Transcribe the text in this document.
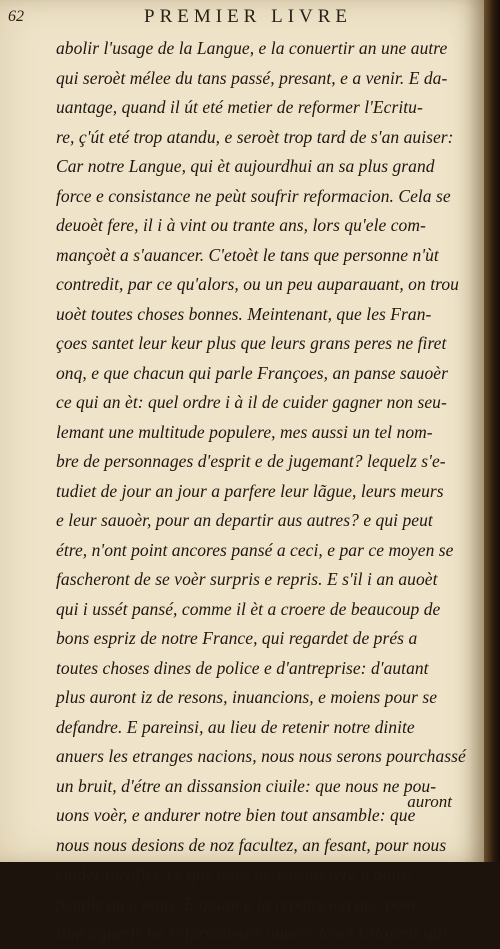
62	PREMIER LIVRE
abolir l'usage de la Langue, e la conuertir an une autre
qui seroèt mélee du tans passé, presant, e a venir. E da-
uantage, quand il út eté metier de reformer l'Ecritu-
re, ç'út eté trop atandu, e seroèt trop tard de s'an auiser:
Car notre Langue, qui èt aujourdhui an sa plus grand
force e consistance ne peùt soufrir reformacion. Cela se
deuoèt fere, il i à vint ou trante ans, lors qu'ele com-
mançoèt a s'auancer. C'etoèt le tans que personne n'ùt
contredit, par ce qu'alors, ou un peu auparauant, on trou
uoèt toutes choses bonnes. Meintenant, que les Fran-
çoes santet leur keur plus que leurs grans peres ne firet
onq, e que chacun qui parle Françoes, an panse sauoèr
ce qui an èt: quel ordre i à il de cuider gagner non seu-
lemant une multitude populere, mes aussi un tel nom-
bre de personnages d'esprit e de jugemant? lequelz s'e-
tudiet de jour an jour a parfere leur lãgue, leurs meurs
e leur sauoèr, pour an departir aus autres? e qui peut
étre, n'ont point ancores pansé a ceci, e par ce moyen se
fascheront de se voèr surpris e repris. E s'il i an auoèt
qui i ussét pansé, comme il èt a croere de beaucoup de
bons espriz de notre France, qui regardet de prés a
toutes choses dines de police e d'antreprise: d'autant
plus auront iz de resons, inuancions, e moiens pour se
defandre. E pareinsi, au lieu de retenir notre dinite
anuers les etranges nacions, nous nous serons pourchassé
un bruit, d'étre an dissansion ciuile: que nous ne pou-
uons voèr, e andurer notre bien tout ansamble: que
nous nous desions de noz facultez, an fesant, pour nous
cuider fortifier, ce que nous ne voyons fere a autre
peuple qu'à nous. E quant a la reputacion que pour-
ront aquerir les reformateurs anuers leurs Citoyens qui
auront
